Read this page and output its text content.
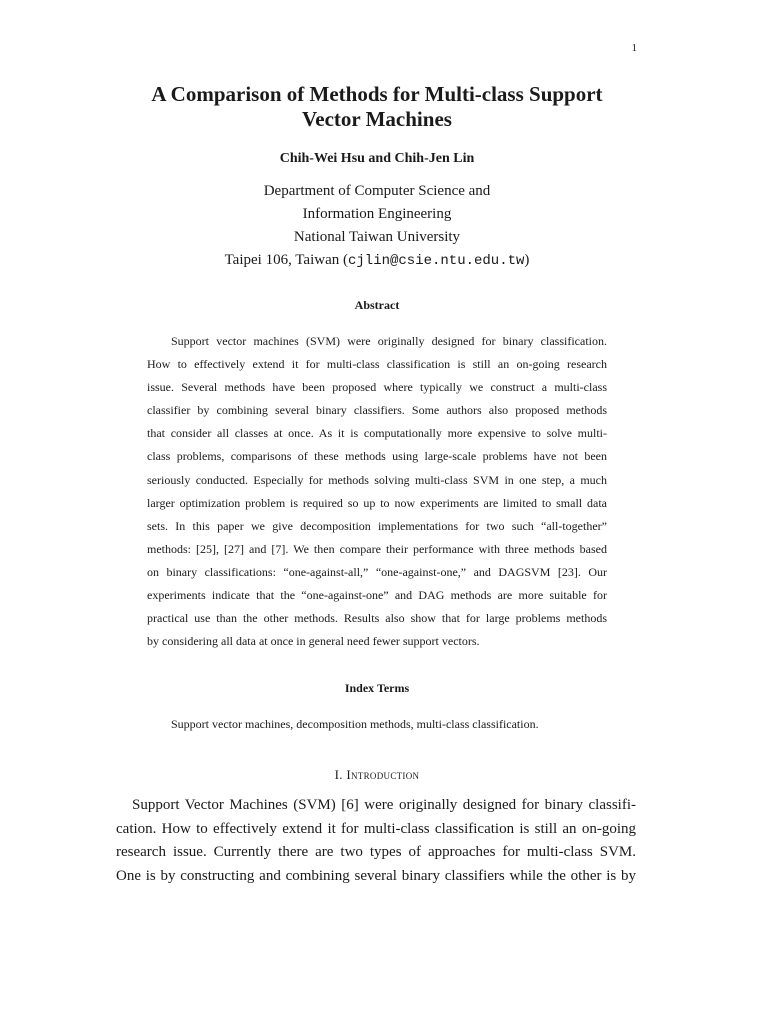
1
A Comparison of Methods for Multi-class Support
Vector Machines
Chih-Wei Hsu and Chih-Jen Lin
Department of Computer Science and
Information Engineering
National Taiwan University
Taipei 106, Taiwan (cjlin@csie.ntu.edu.tw)
Abstract
Support vector machines (SVM) were originally designed for binary classification.
How to effectively extend it for multi-class classification is still an on-going research
issue. Several methods have been proposed where typically we construct a multi-class
classifier by combining several binary classifiers. Some authors also proposed methods
that consider all classes at once. As it is computationally more expensive to solve multi-
class problems, comparisons of these methods using large-scale problems have not been
seriously conducted. Especially for methods solving multi-class SVM in one step, a much
larger optimization problem is required so up to now experiments are limited to small data
sets. In this paper we give decomposition implementations for two such “all-together”
methods: [25], [27] and [7]. We then compare their performance with three methods based
on binary classifications: “one-against-all,” “one-against-one,” and DAGSVM [23]. Our
experiments indicate that the “one-against-one” and DAG methods are more suitable for
practical use than the other methods. Results also show that for large problems methods
by considering all data at once in general need fewer support vectors.
Index Terms
Support vector machines, decomposition methods, multi-class classification.
I. Introduction
Support Vector Machines (SVM) [6] were originally designed for binary classifi-
cation. How to effectively extend it for multi-class classification is still an on-going
research issue. Currently there are two types of approaches for multi-class SVM.
One is by constructing and combining several binary classifiers while the other is by
